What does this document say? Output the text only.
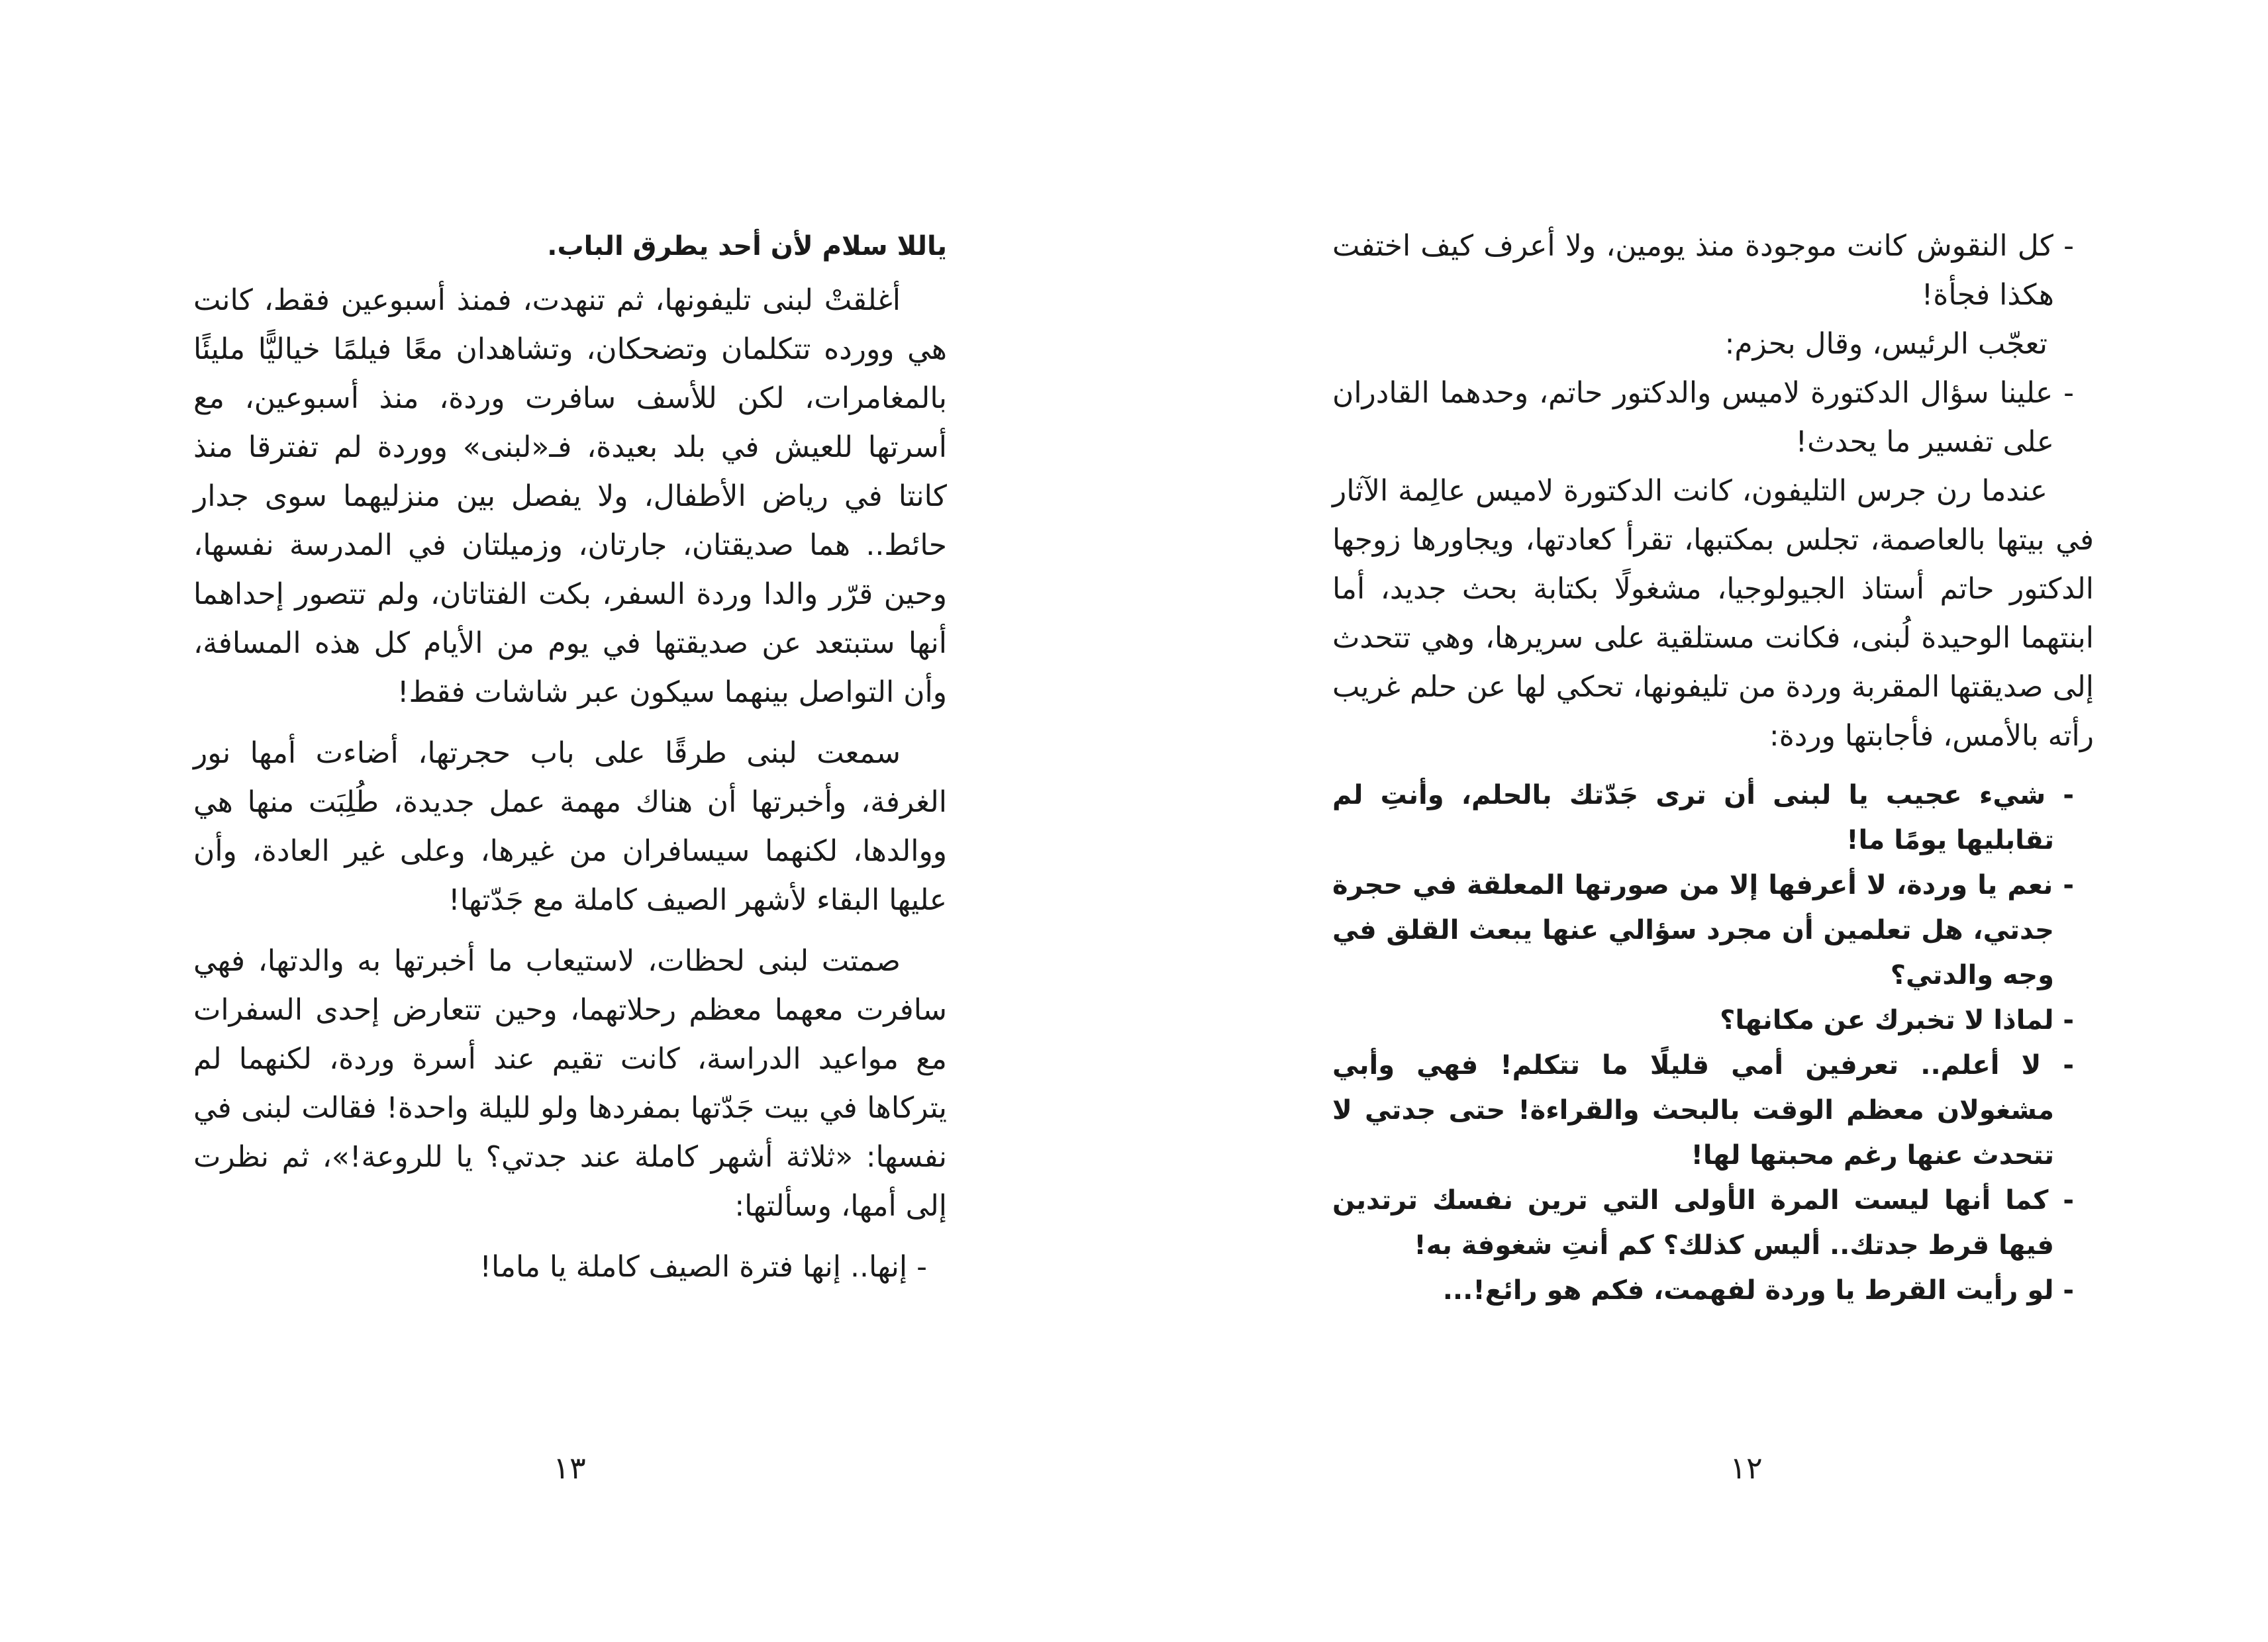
ياللا سلام لأن أحد يطرق الباب.

أغلقتْ لبنى تليفونها، ثم تنهدت، فمنذ أسبوعين فقط، كانت هي وورده تتكلمان وتضحكان، وتشاهدان معًا فيلمًا خياليًّا مليئًا بالمغامرات، لكن للأسف سافرت وردة، منذ أسبوعين، مع أسرتها للعيش في بلد بعيدة، فـ«لبنى» ووردة لم تفترقا منذ كانتا في رياض الأطفال، ولا يفصل بين منزليهما سوى جدار حائط.. هما صديقتان، جارتان، وزميلتان في المدرسة نفسها، وحين قرّر والدا وردة السفر، بكت الفتاتان، ولم تتصور إحداهما أنها ستبتعد عن صديقتها في يوم من الأيام كل هذه المسافة، وأن التواصل بينهما سيكون عبر شاشات فقط!

سمعت لبنى طرقًا على باب حجرتها، أضاءت أمها نور الغرفة، وأخبرتها أن هناك مهمة عمل جديدة، طُلِبَت منها هي ووالدها، لكنهما سيسافران من غيرها، وعلى غير العادة، وأن عليها البقاء لأشهر الصيف كاملة مع جَدّتها!

صمتت لبنى لحظات، لاستيعاب ما أخبرتها به والدتها، فهي سافرت معهما معظم رحلاتهما، وحين تتعارض إحدى السفرات مع مواعيد الدراسة، كانت تقيم عند أسرة وردة، لكنهما لم يتركاها في بيت جَدّتها بمفردها ولو لليلة واحدة! فقالت لبنى في نفسها: «ثلاثة أشهر كاملة عند جدتي؟ يا للروعة!»، ثم نظرت إلى أمها، وسألتها:

- إنها.. إنها فترة الصيف كاملة يا ماما!

١٣

- كل النقوش كانت موجودة منذ يومين، ولا أعرف كيف اختفت هكذا فجأة!

تعجّب الرئيس، وقال بحزم:

- علينا سؤال الدكتورة لاميس والدكتور حاتم، وحدهما القادران على تفسير ما يحدث!

عندما رن جرس التليفون، كانت الدكتورة لاميس عالِمة الآثار في بيتها بالعاصمة، تجلس بمكتبها، تقرأ كعادتها، ويجاورها زوجها الدكتور حاتم أستاذ الجيولوجيا، مشغولًا بكتابة بحث جديد، أما ابنتهما الوحيدة لُبنى، فكانت مستلقية على سريرها، وهي تتحدث إلى صديقتها المقربة وردة من تليفونها، تحكي لها عن حلم غريب رأته بالأمس، فأجابتها وردة:

- شيء عجيب يا لبنى أن ترى جَدّتك بالحلم، وأنتِ لم تقابليها يومًا ما!

- نعم يا وردة، لا أعرفها إلا من صورتها المعلقة في حجرة جدتي، هل تعلمين أن مجرد سؤالي عنها يبعث القلق في وجه والدتي؟

- لماذا لا تخبرك عن مكانها؟

- لا أعلم.. تعرفين أمي قليلًا ما تتكلم! فهي وأبي مشغولان معظم الوقت بالبحث والقراءة! حتى جدتي لا تتحدث عنها رغم محبتها لها!

- كما أنها ليست المرة الأولى التي ترين نفسك ترتدين فيها قرط جدتك.. أليس كذلك؟ كم أنتِ شغوفة به!

- لو رأيت القرط يا وردة لفهمت، فكم هو رائع!...

١٢
